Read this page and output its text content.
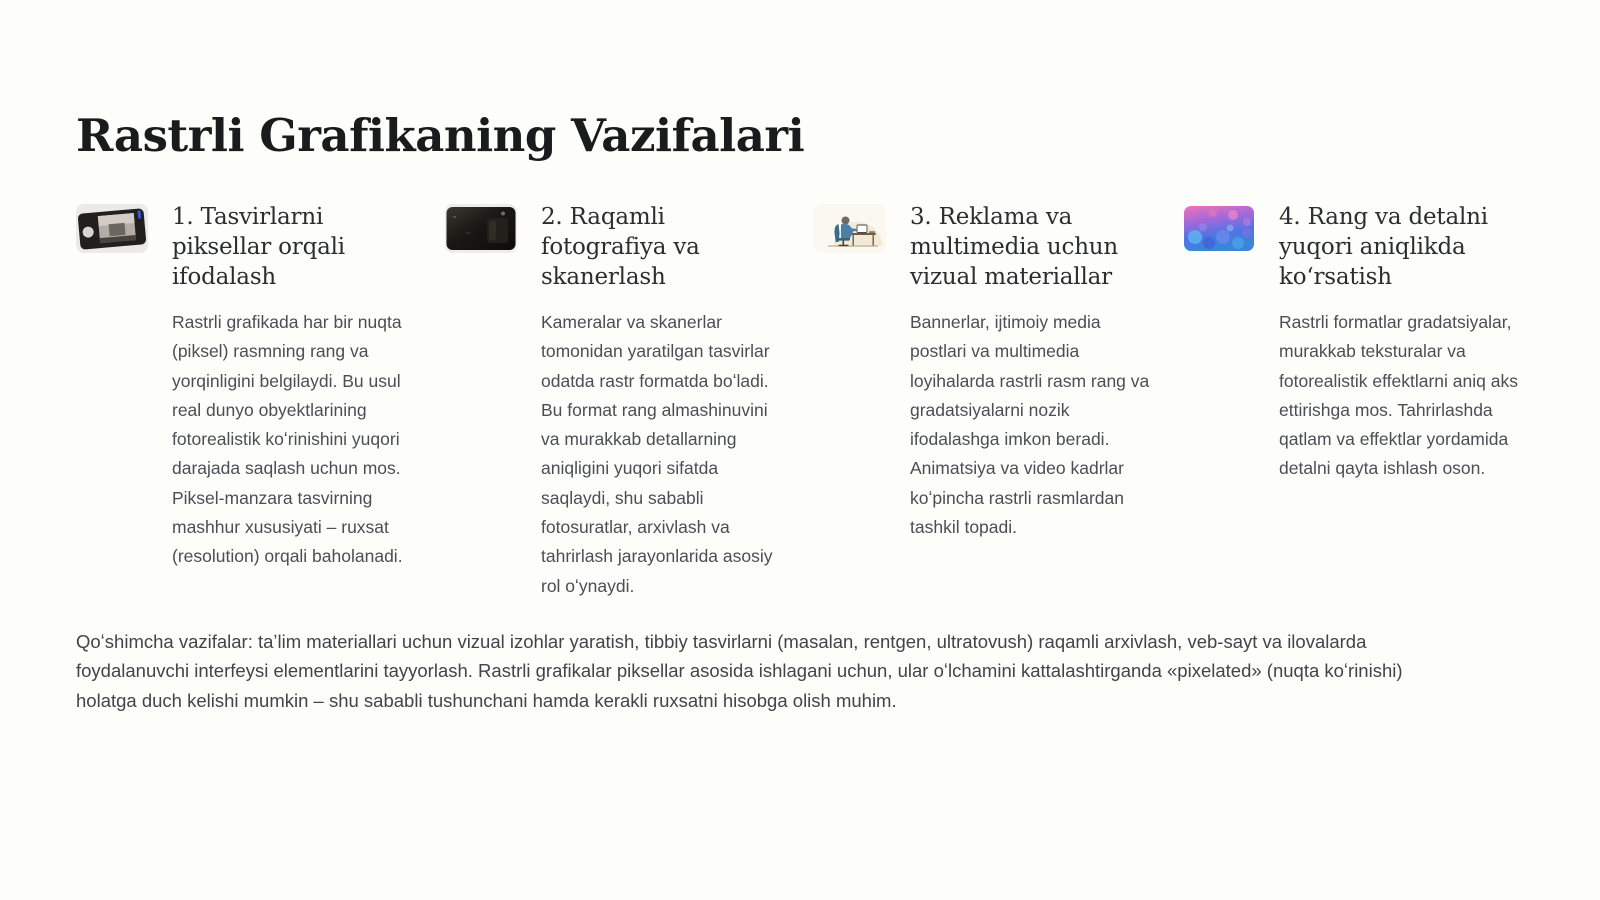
Rastrli Grafikaning Vazifalari
1. Tasvirlarni piksellar orqali ifodalash

Rastrli grafikada har bir nuqta (piksel) rasmning rang va yorqinligini belgilaydi. Bu usul real dunyo obyektlarining fotorealistik koʻrinishini yuqori darajada saqlash uchun mos. Piksel-manzara tasvirning mashhur xususiyati – ruxsat (resolution) orqali baholanadi.

2. Raqamli fotografiya va skanerlash

Kameralar va skanerlar tomonidan yaratilgan tasvirlar odatda rastr formatda boʻladi. Bu format rang almashinuvini va murakkab detallarning aniqligini yuqori sifatda saqlaydi, shu sababli fotosuratlar, arxivlash va tahrirlash jarayonlarida asosiy rol oʻynaydi.

3. Reklama va multimedia uchun vizual materiallar

Bannerlar, ijtimoiy media postlari va multimedia loyihalarda rastrli rasm rang va gradatsiyalarni nozik ifodalashga imkon beradi. Animatsiya va video kadrlar koʻpincha rastrli rasmlardan tashkil topadi.

4. Rang va detalni yuqori aniqlikda koʻrsatish

Rastrli formatlar gradatsiyalar, murakkab teksturalar va fotorealistik effektlarni aniq aks ettirishga mos. Tahrirlashda qatlam va effektlar yordamida detalni qayta ishlash oson.

Qoʻshimcha vazifalar: taʼlim materiallari uchun vizual izohlar yaratish, tibbiy tasvirlarni (masalan, rentgen, ultratovush) raqamli arxivlash, veb-sayt va ilovalarda foydalanuvchi interfeysi elementlarini tayyorlash. Rastrli grafikalar piksellar asosida ishlagani uchun, ular oʻlchamini kattalashtirganda «pixelated» (nuqta koʻrinishi) holatga duch kelishi mumkin – shu sababli tushunchani hamda kerakli ruxsatni hisobga olish muhim.
